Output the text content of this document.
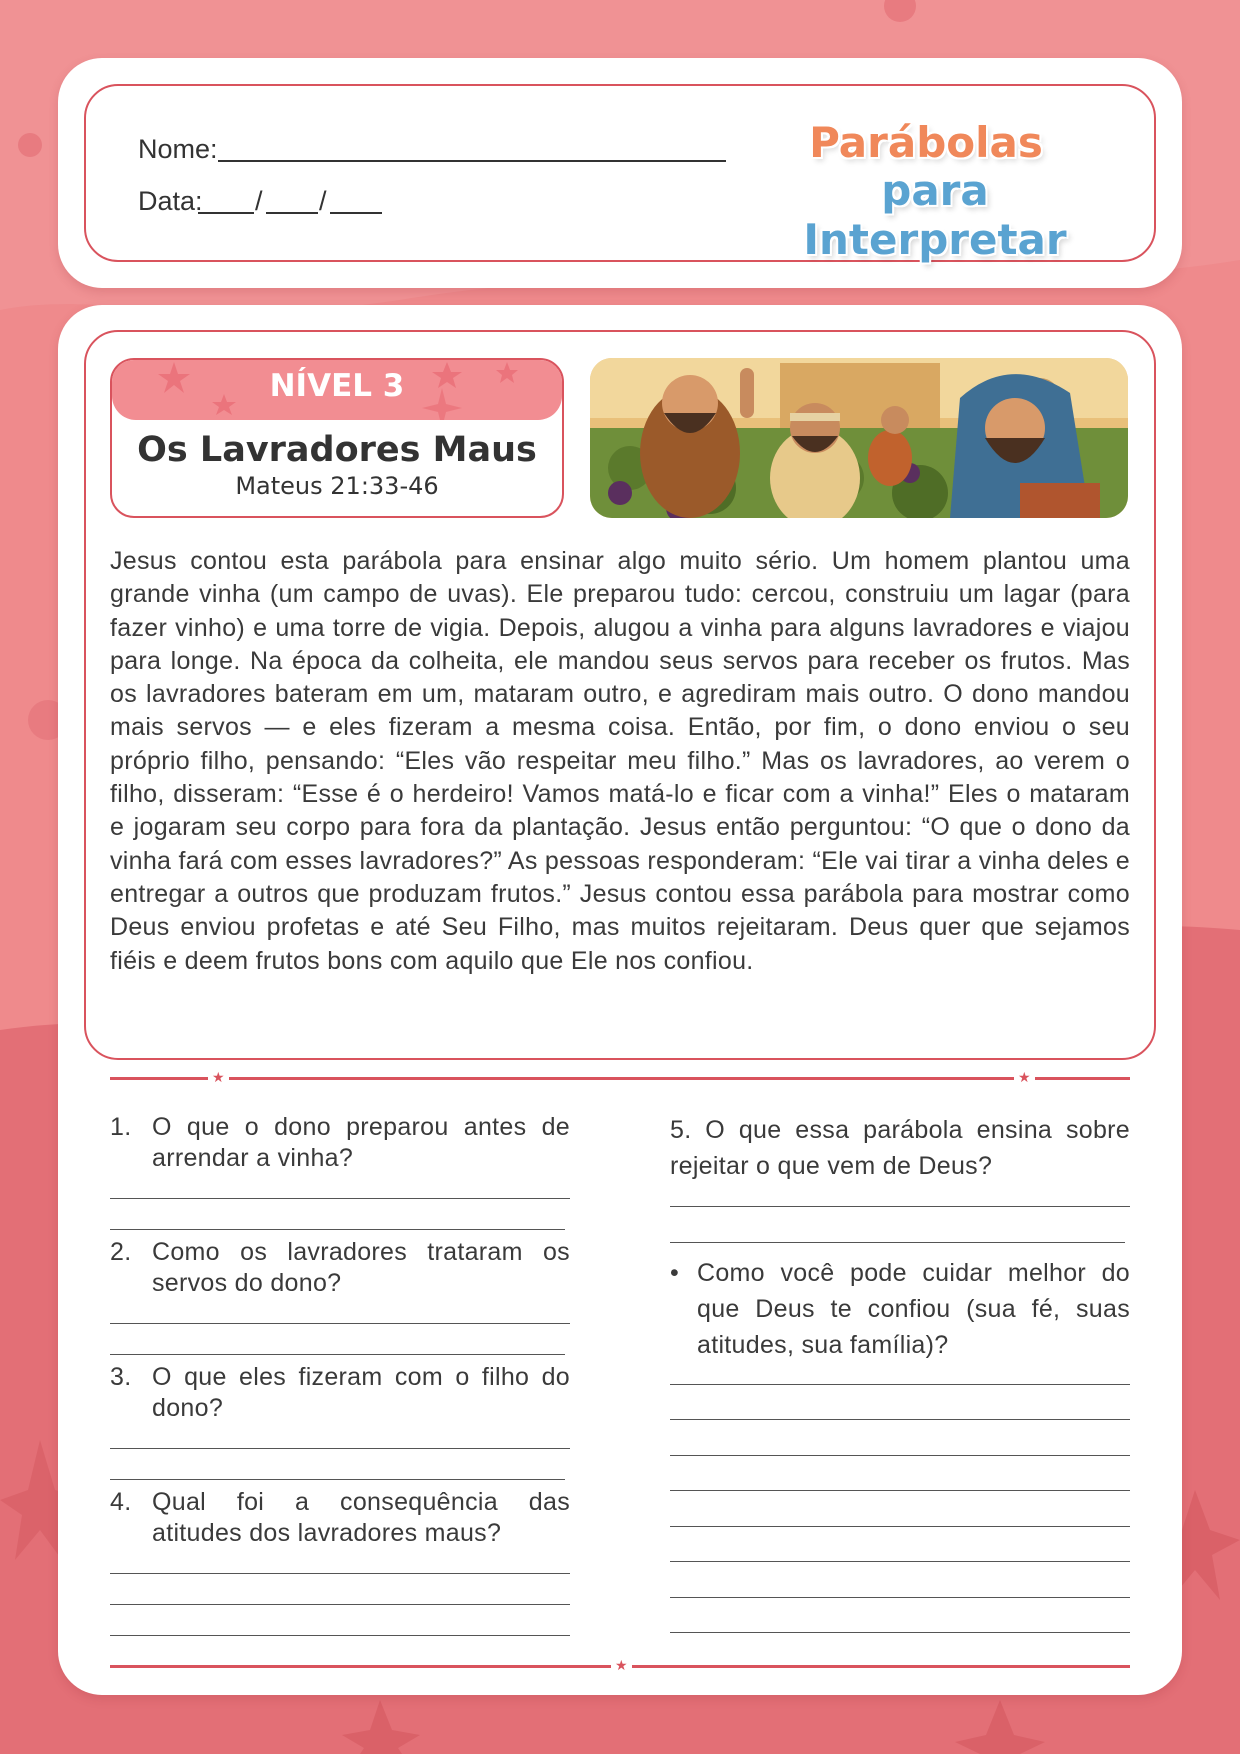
Nome:
Data: / /
Parábolas
para Interpretar
NÍVEL 3
Os Lavradores Maus
Mateus 21:33-46

Jesus contou esta parábola para ensinar algo muito sério. Um homem plantou uma grande vinha (um campo de uvas). Ele preparou tudo: cercou, construiu um lagar (para fazer vinho) e uma torre de vigia. Depois, alugou a vinha para alguns lavradores e viajou para longe. Na época da colheita, ele mandou seus servos para receber os frutos. Mas os lavradores bateram em um, mataram outro, e agrediram mais outro. O dono mandou mais servos — e eles fizeram a mesma coisa. Então, por fim, o dono enviou o seu próprio filho, pensando: “Eles vão respeitar meu filho.” Mas os lavradores, ao verem o filho, disseram: “Esse é o herdeiro! Vamos matá-lo e ficar com a vinha!” Eles o mataram e jogaram seu corpo para fora da plantação. Jesus então perguntou: “O que o dono da vinha fará com esses lavradores?” As pessoas responderam: “Ele vai tirar a vinha deles e entregar a outros que produzam frutos.” Jesus contou essa parábola para mostrar como Deus enviou profetas e até Seu Filho, mas muitos rejeitaram. Deus quer que sejamos fiéis e deem frutos bons com aquilo que Ele nos confiou.

★	★
1. O que o dono preparou antes de arrendar a vinha?
2. Como os lavradores trataram os servos do dono?
3. O que eles fizeram com o filho do dono?
4. Qual foi a consequência das atitudes dos lavradores maus?
5. O que essa parábola ensina sobre rejeitar o que vem de Deus?
• Como você pode cuidar melhor do que Deus te confiou (sua fé, suas atitudes, sua família)?
★
